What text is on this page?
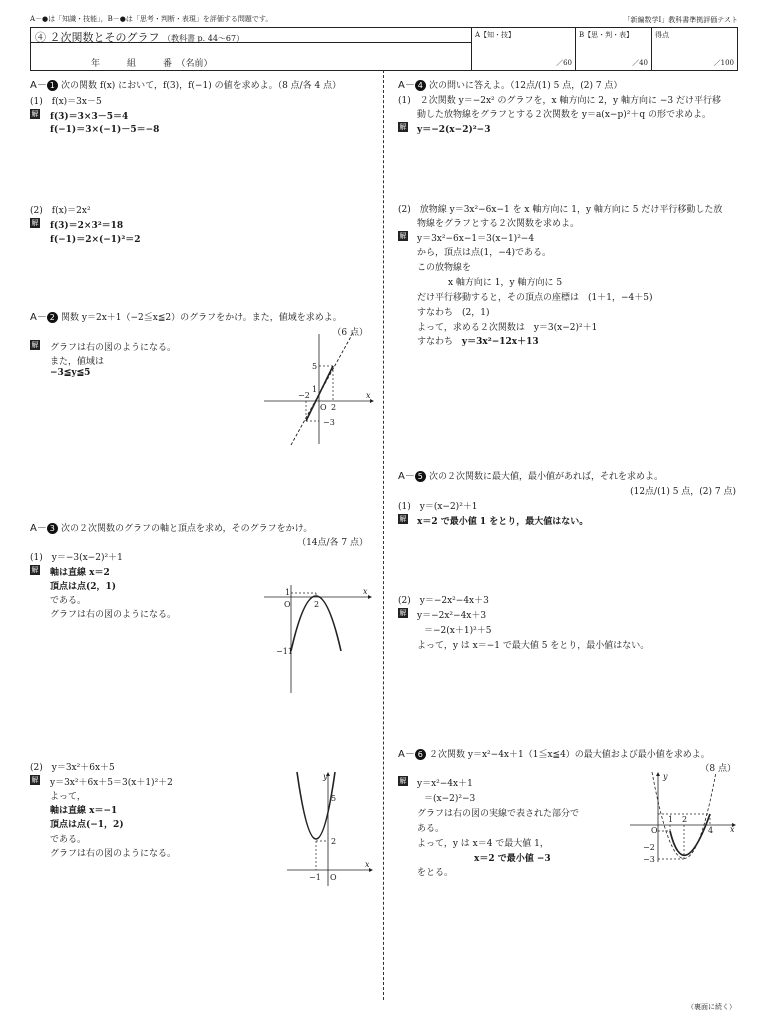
A－●は「知識・技能」，B－●は「思考・判断・表現」を評価する問題です。	「新編数学Ⅰ」教科書準拠評価テスト
④ ２次関数とそのグラフ （教科書 p. 44～67）
年　　　組　　　番　（名前）
A【知・技】
／60
B【思・判・表】
／40
得点
／100
A－ 1 次の関数 f(x) において，f(3)，f(−1) の値を求めよ。（8 点/各 4 点）
(1)　f(x)＝3x－5
解 f(3)＝3×3－5＝4
f(−1)＝3×(−1)－5＝−8
(2)　f(x)＝2x²
解 f(3)＝2×3²＝18
f(−1)＝2×(−1)²＝2
A－ 2 関数 y＝2x＋1（−2≦x≦2）のグラフをかけ。また，値域を求めよ。
（6 点）
解 グラフは右の図のようになる。
また，値域は
−3≦y≦5
5
1
−3
−2
2
O
x
A－ 3 次の２次関数のグラフの軸と頂点を求め，そのグラフをかけ。
（14点/各 7 点）
(1)　y＝−3(x−2)²＋1
解 軸は直線 x＝2
頂点は点(2，1)
である。
グラフは右の図のようになる。
1
O	2
−11
x
(2)　y＝3x²＋6x＋5
解 y＝3x²＋6x＋5＝3(x＋1)²＋2
よって，
軸は直線 x＝−1
頂点は点(−1，2)
である。
グラフは右の図のようになる。
y
5
2
−1 O
x
A－ 4 次の問いに答えよ。（12点/(1) 5 点，(2) 7 点）
(1)　２次関数 y＝−2x² のグラフを，x 軸方向に 2，y 軸方向に −3 だけ平行移
動した放物線をグラフとする２次関数を y＝a(x−p)²＋q の形で求めよ。
解 y＝−2(x−2)²−3
(2)　放物線 y＝3x²−6x−1 を x 軸方向に 1，y 軸方向に 5 だけ平行移動した放
物線をグラフとする２次関数を求めよ。
解 y＝3x²−6x−1＝3(x−1)²−4
から，頂点は点(1，−4)である。
この放物線を
x 軸方向に 1，y 軸方向に 5
だけ平行移動すると，その頂点の座標は　(1＋1，−4＋5)
すなわち　(2，1)
よって，求める２次関数は　y＝3(x−2)²＋1
すなわち y＝3x²−12x＋13
A－ 5 次の２次関数に最大値，最小値があれば，それを求めよ。
(12点/(1) 5 点，(2) 7 点)
(1)　y＝(x−2)²＋1
解 x＝2 で最小値 1 をとり，最大値はない。
(2)　y＝−2x²−4x＋3
解 y＝−2x²−4x＋3
＝−2(x＋1)²＋5
よって，y は x＝−1 で最大値 5 をとり，最小値はない。
A－ 6 ２次関数 y＝x²−4x＋1（1≦x≦4）の最大値および最小値を求めよ。
（8 点）
解 y＝x²−4x＋1
＝(x−2)²−3
グラフは右の図の実線で表された部分で
ある。
よって，y は x＝4 で最大値 1，
x＝2 で最小値 −3
をとる。
y
O
1 2
4
−2
−3
x
（裏面に続く）
